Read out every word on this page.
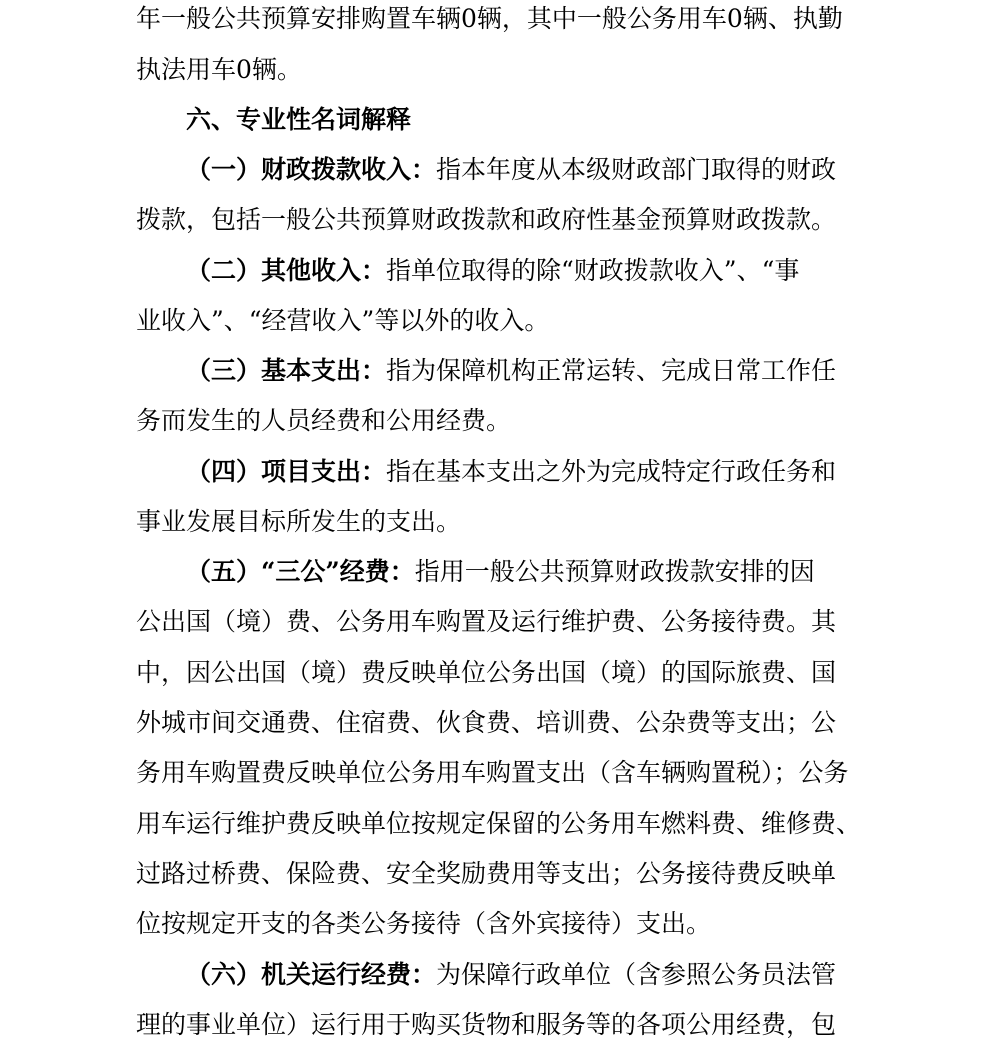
年一般公共预算安排购置车辆0辆，其中一般公务用车0辆、执勤
执法用车0辆。
六、专业性名词解释
（一）财政拨款收入：指本年度从本级财政部门取得的财政
拨款，包括一般公共预算财政拨款和政府性基金预算财政拨款。
（二）其他收入：指单位取得的除“财政拨款收入”、“事
业收入”、“经营收入”等以外的收入。
（三）基本支出：指为保障机构正常运转、完成日常工作任
务而发生的人员经费和公用经费。
（四）项目支出：指在基本支出之外为完成特定行政任务和
事业发展目标所发生的支出。
（五）“三公”经费：指用一般公共预算财政拨款安排的因
公出国（境）费、公务用车购置及运行维护费、公务接待费。其
中，因公出国（境）费反映单位公务出国（境）的国际旅费、国
外城市间交通费、住宿费、伙食费、培训费、公杂费等支出；公
务用车购置费反映单位公务用车购置支出（含车辆购置税）；公务
用车运行维护费反映单位按规定保留的公务用车燃料费、维修费、
过路过桥费、保险费、安全奖励费用等支出；公务接待费反映单
位按规定开支的各类公务接待（含外宾接待）支出。
（六）机关运行经费：为保障行政单位（含参照公务员法管
理的事业单位）运行用于购买货物和服务等的各项公用经费，包
